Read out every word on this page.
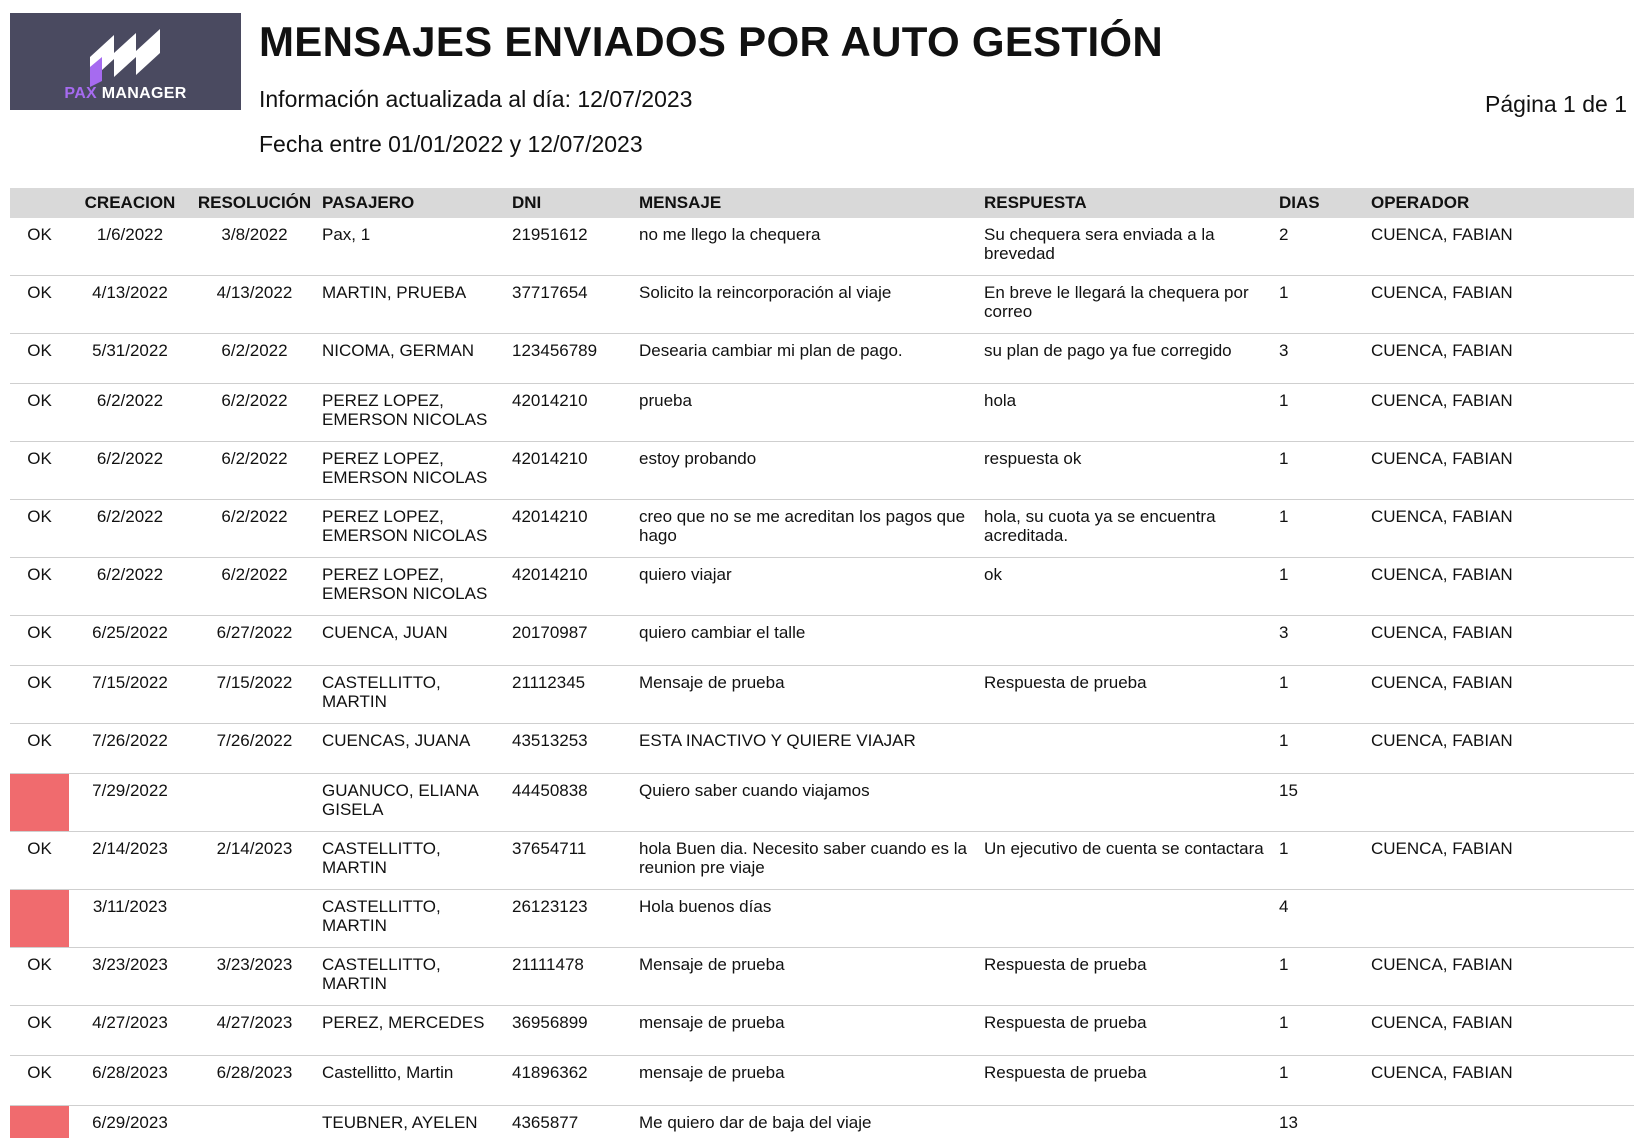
PAX MANAGER
MENSAJES ENVIADOS POR AUTO GESTIÓN
Información actualizada al día: 12/07/2023
Fecha entre 01/01/2022 y 12/07/2023
Página 1 de 1
	CREACION	RESOLUCIÓN	PASAJERO	DNI	MENSAJE	RESPUESTA	DIAS	OPERADOR

OK	1/6/2022	3/8/2022	Pax, 1	21951612	no me llego la chequera	Su chequera sera enviada a la brevedad	2	CUENCA, FABIAN

OK	4/13/2022	4/13/2022	MARTIN, PRUEBA	37717654	Solicito la reincorporación al viaje	En breve le llegará la chequera por correo	1	CUENCA, FABIAN

OK	5/31/2022	6/2/2022	NICOMA, GERMAN	123456789	Desearia cambiar mi plan de pago.	su plan de pago ya fue corregido	3	CUENCA, FABIAN

OK	6/2/2022	6/2/2022	PEREZ LOPEZ, EMERSON NICOLAS	42014210	prueba	hola	1	CUENCA, FABIAN

OK	6/2/2022	6/2/2022	PEREZ LOPEZ, EMERSON NICOLAS	42014210	estoy probando	respuesta ok	1	CUENCA, FABIAN

OK	6/2/2022	6/2/2022	PEREZ LOPEZ, EMERSON NICOLAS	42014210	creo que no se me acreditan los pagos que hago	hola, su cuota ya se encuentra acreditada.	1	CUENCA, FABIAN

OK	6/2/2022	6/2/2022	PEREZ LOPEZ, EMERSON NICOLAS	42014210	quiero viajar	ok	1	CUENCA, FABIAN

OK	6/25/2022	6/27/2022	CUENCA, JUAN	20170987	quiero cambiar el talle		3	CUENCA, FABIAN

OK	7/15/2022	7/15/2022	CASTELLITTO, MARTIN	21112345	Mensaje de prueba	Respuesta de prueba	1	CUENCA, FABIAN

OK	7/26/2022	7/26/2022	CUENCAS, JUANA	43513253	ESTA INACTIVO Y QUIERE VIAJAR		1	CUENCA, FABIAN

	7/29/2022		GUANUCO, ELIANA GISELA	44450838	Quiero saber cuando viajamos		15	

OK	2/14/2023	2/14/2023	CASTELLITTO, MARTIN	37654711	hola Buen dia. Necesito saber cuando es la reunion pre viaje	Un ejecutivo de cuenta se contactara	1	CUENCA, FABIAN

	3/11/2023		CASTELLITTO, MARTIN	26123123	Hola buenos días		4	

OK	3/23/2023	3/23/2023	CASTELLITTO, MARTIN	21111478	Mensaje de prueba	Respuesta de prueba	1	CUENCA, FABIAN

OK	4/27/2023	4/27/2023	PEREZ, MERCEDES	36956899	mensaje de prueba	Respuesta de prueba	1	CUENCA, FABIAN

OK	6/28/2023	6/28/2023	Castellitto, Martin	41896362	mensaje de prueba	Respuesta de prueba	1	CUENCA, FABIAN

	6/29/2023		TEUBNER, AYELEN	4365877	Me quiero dar de baja del viaje		13	
